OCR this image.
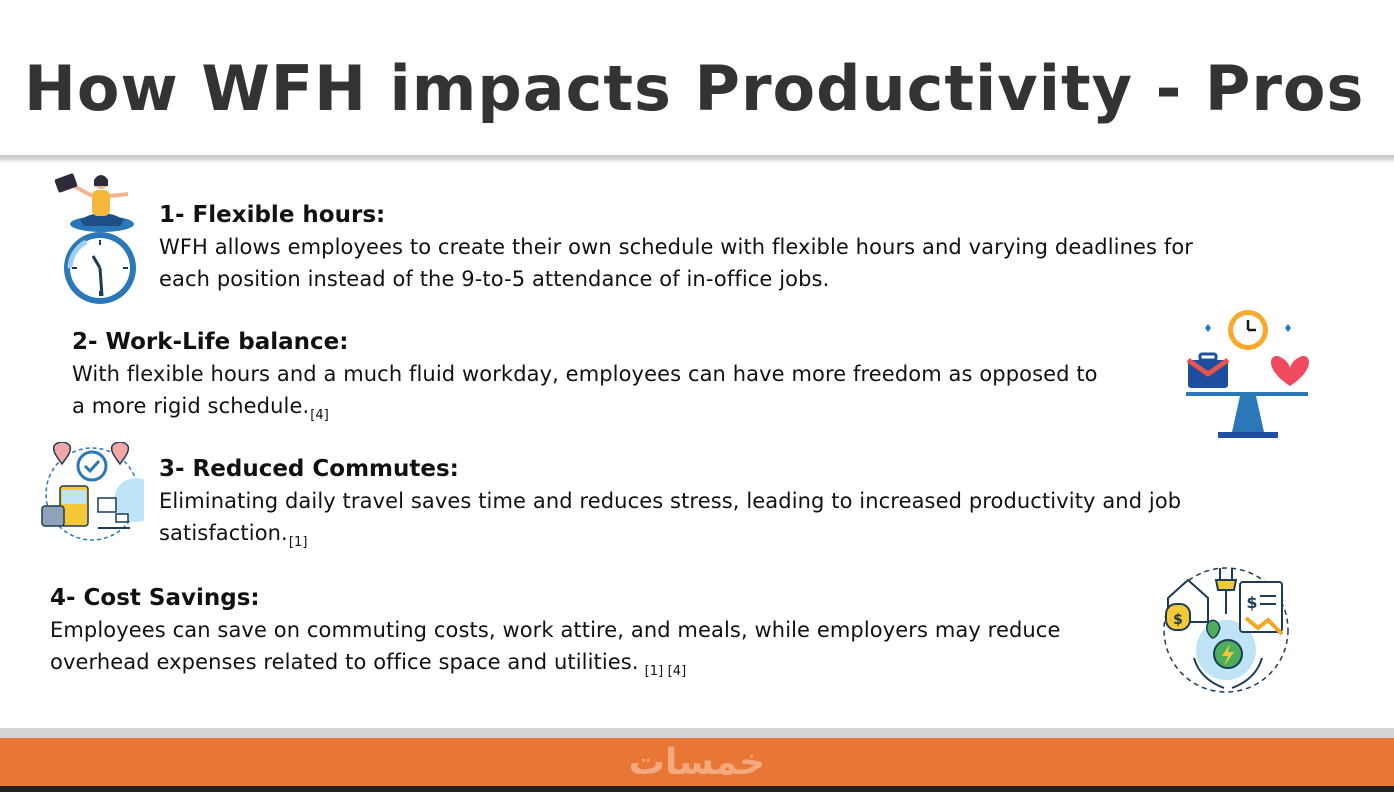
How WFH impacts Productivity - Pros
1- Flexible hours:
WFH allows employees to create their own schedule with flexible hours and varying deadlines for
each position instead of the 9-to-5 attendance of in-office jobs.
2- Work-Life balance:
With flexible hours and a much fluid workday, employees can have more freedom as opposed to
a more rigid $schedule._{[4]}$
3- Reduced Commutes:
Eliminating daily travel saves time and reduces stress, leading to increased productivity and job
$satisfaction._{[1]}$
4- Cost Savings:
Employees can save on commuting costs, work attire, and meals, while employers may reduce
overhead expenses related to office space and utilities. $_{[1] [4]}$
$
$
خمسات
